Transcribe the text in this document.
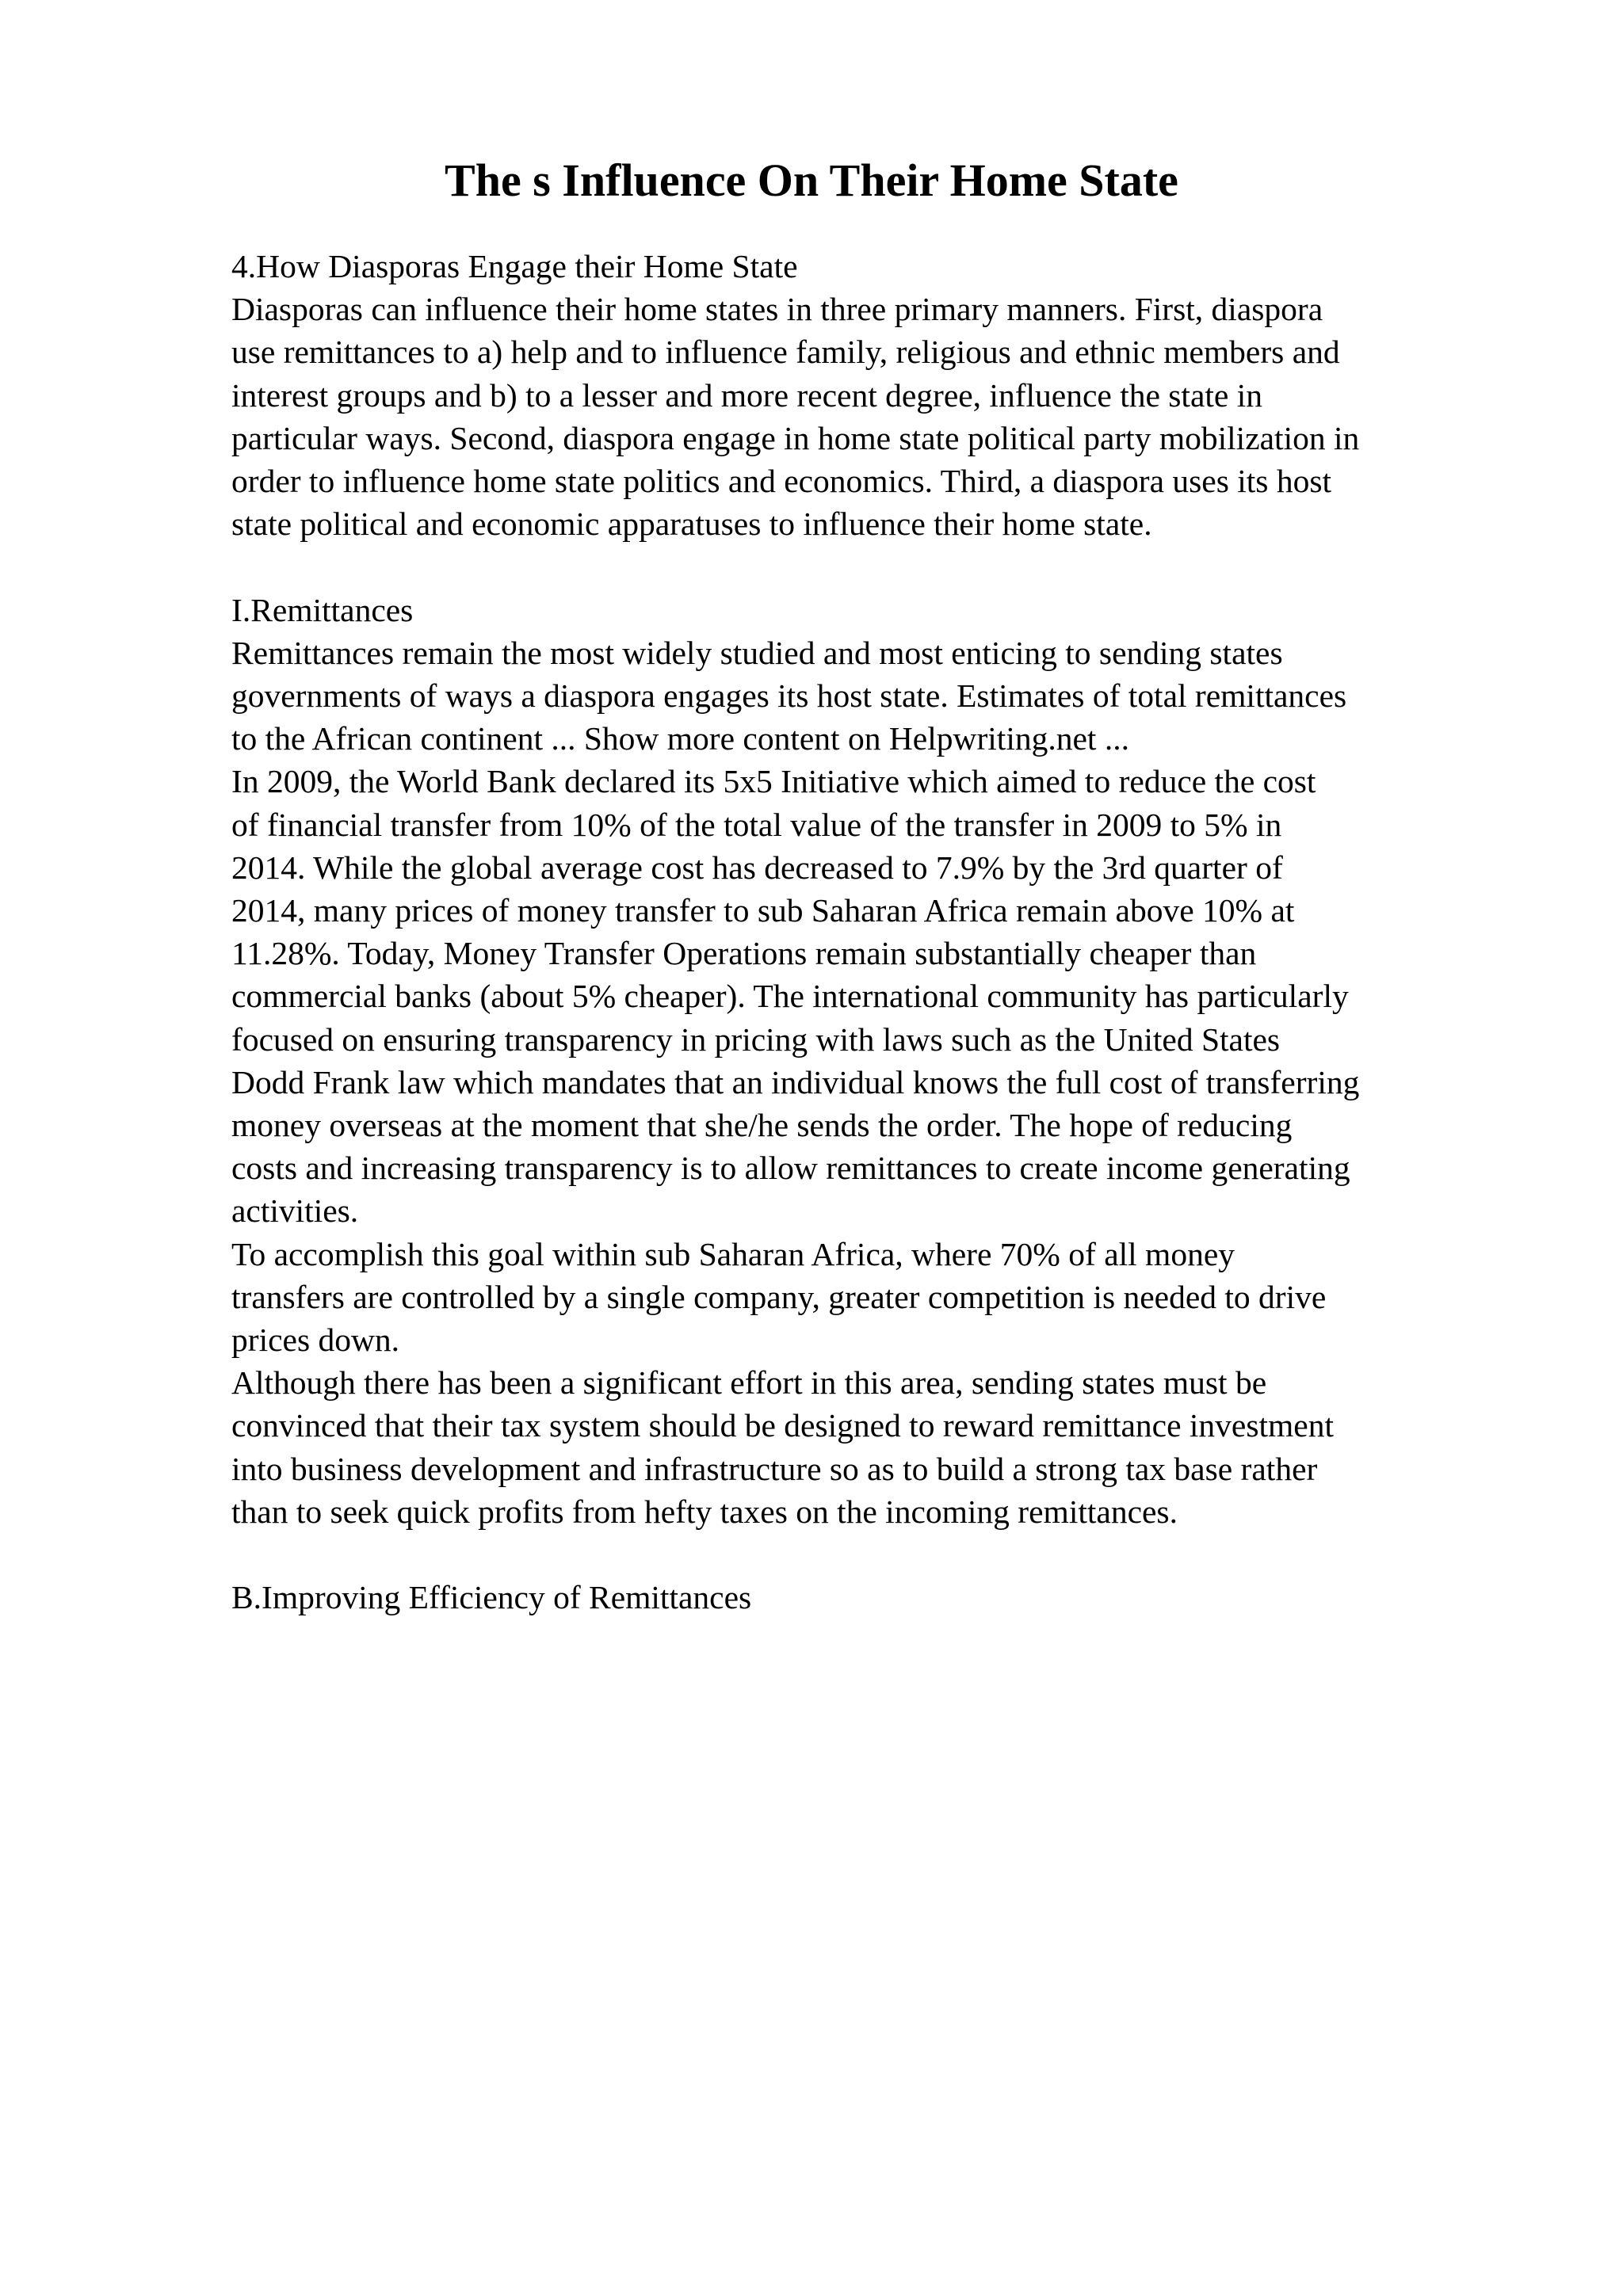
The s Influence On Their Home State

4.How Diasporas Engage their Home State

Diasporas can influence their home states in three primary manners. First, diaspora

use remittances to a) help and to influence family, religious and ethnic members and

interest groups and b) to a lesser and more recent degree, influence the state in

particular ways. Second, diaspora engage in home state political party mobilization in

order to influence home state politics and economics. Third, a diaspora uses its host

state political and economic apparatuses to influence their home state.

I.Remittances

Remittances remain the most widely studied and most enticing to sending states

governments of ways a diaspora engages its host state. Estimates of total remittances

to the African continent ... Show more content on Helpwriting.net ...

In 2009, the World Bank declared its 5x5 Initiative which aimed to reduce the cost

of financial transfer from 10% of the total value of the transfer in 2009 to 5% in

2014. While the global average cost has decreased to 7.9% by the 3rd quarter of

2014, many prices of money transfer to sub Saharan Africa remain above 10% at

11.28%. Today, Money Transfer Operations remain substantially cheaper than

commercial banks (about 5% cheaper). The international community has particularly

focused on ensuring transparency in pricing with laws such as the United States

Dodd Frank law which mandates that an individual knows the full cost of transferring

money overseas at the moment that she/he sends the order. The hope of reducing

costs and increasing transparency is to allow remittances to create income generating

activities.

To accomplish this goal within sub Saharan Africa, where 70% of all money

transfers are controlled by a single company, greater competition is needed to drive

prices down.

Although there has been a significant effort in this area, sending states must be

convinced that their tax system should be designed to reward remittance investment

into business development and infrastructure so as to build a strong tax base rather

than to seek quick profits from hefty taxes on the incoming remittances.

B.Improving Efficiency of Remittances
